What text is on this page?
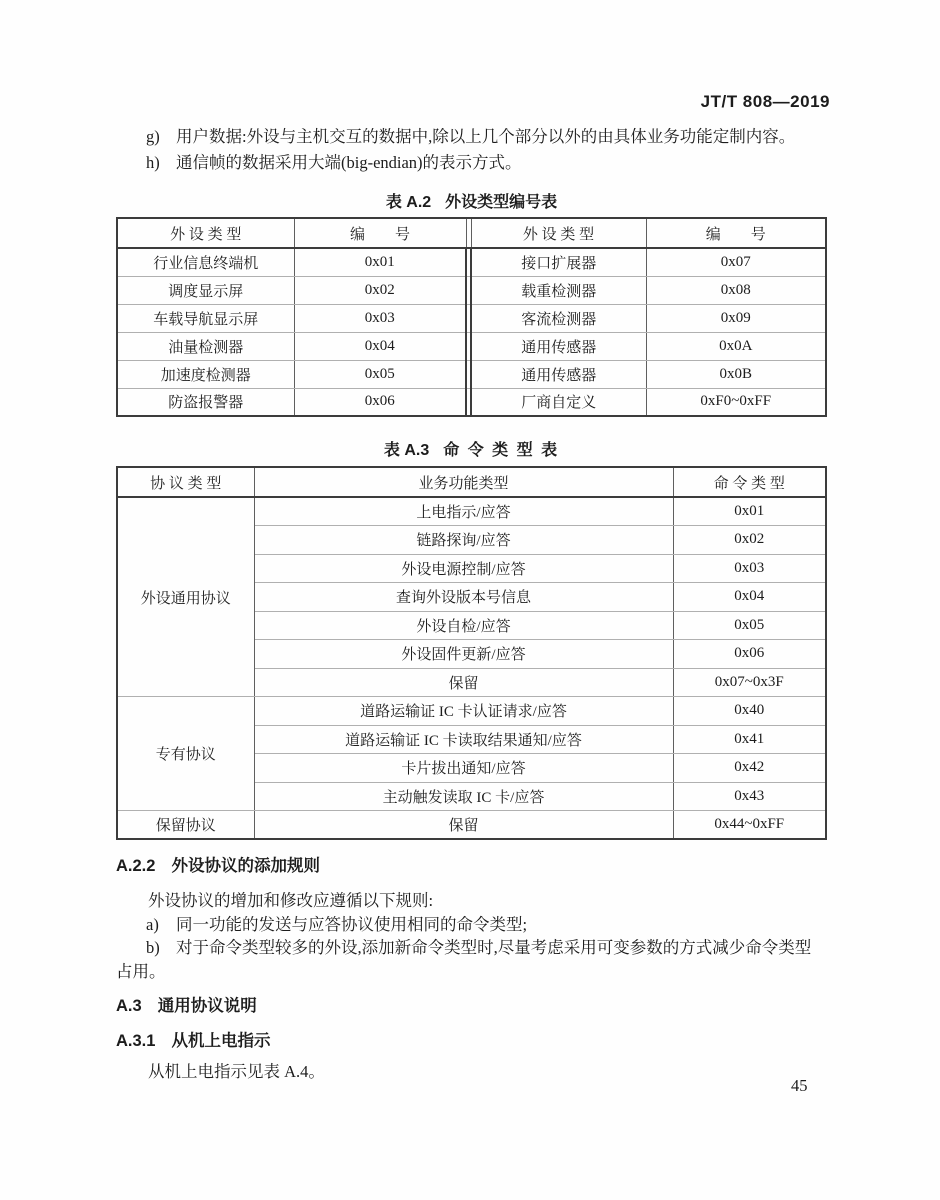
JT/T 808—2019
g) 用户数据:外设与主机交互的数据中,除以上几个部分以外的由具体业务功能定制内容。
h) 通信帧的数据采用大端(big-endian)的表示方式。
表 A.2 外设类型编号表
外 设 类 型	编　　号		外 设 类 型	编　　号
行业信息终端机	0x01		接口扩展器	0x07
调度显示屏	0x02		载重检测器	0x08
车载导航显示屏	0x03		客流检测器	0x09
油量检测器	0x04		通用传感器	0x0A
加速度检测器	0x05		通用传感器	0x0B
防盗报警器	0x06		厂商自定义	0xF0~0xFF
表 A.3 命 令 类 型 表
协 议 类 型	业务功能类型	命 令 类 型
外设通用协议	上电指示/应答	0x01
	链路探询/应答	0x02
	外设电源控制/应答	0x03
	查询外设版本号信息	0x04
	外设自检/应答	0x05
	外设固件更新/应答	0x06
	保留	0x07~0x3F
专有协议	道路运输证 IC 卡认证请求/应答	0x40
	道路运输证 IC 卡读取结果通知/应答	0x41
	卡片拔出通知/应答	0x42
	主动触发读取 IC 卡/应答	0x43
保留协议	保留	0x44~0xFF
A.2.2 外设协议的添加规则
外设协议的增加和修改应遵循以下规则:
a) 同一功能的发送与应答协议使用相同的命令类型;
b) 对于命令类型较多的外设,添加新命令类型时,尽量考虑采用可变参数的方式减少命令类型
占用。
A.3 通用协议说明
A.3.1 从机上电指示
从机上电指示见表 A.4。
45
